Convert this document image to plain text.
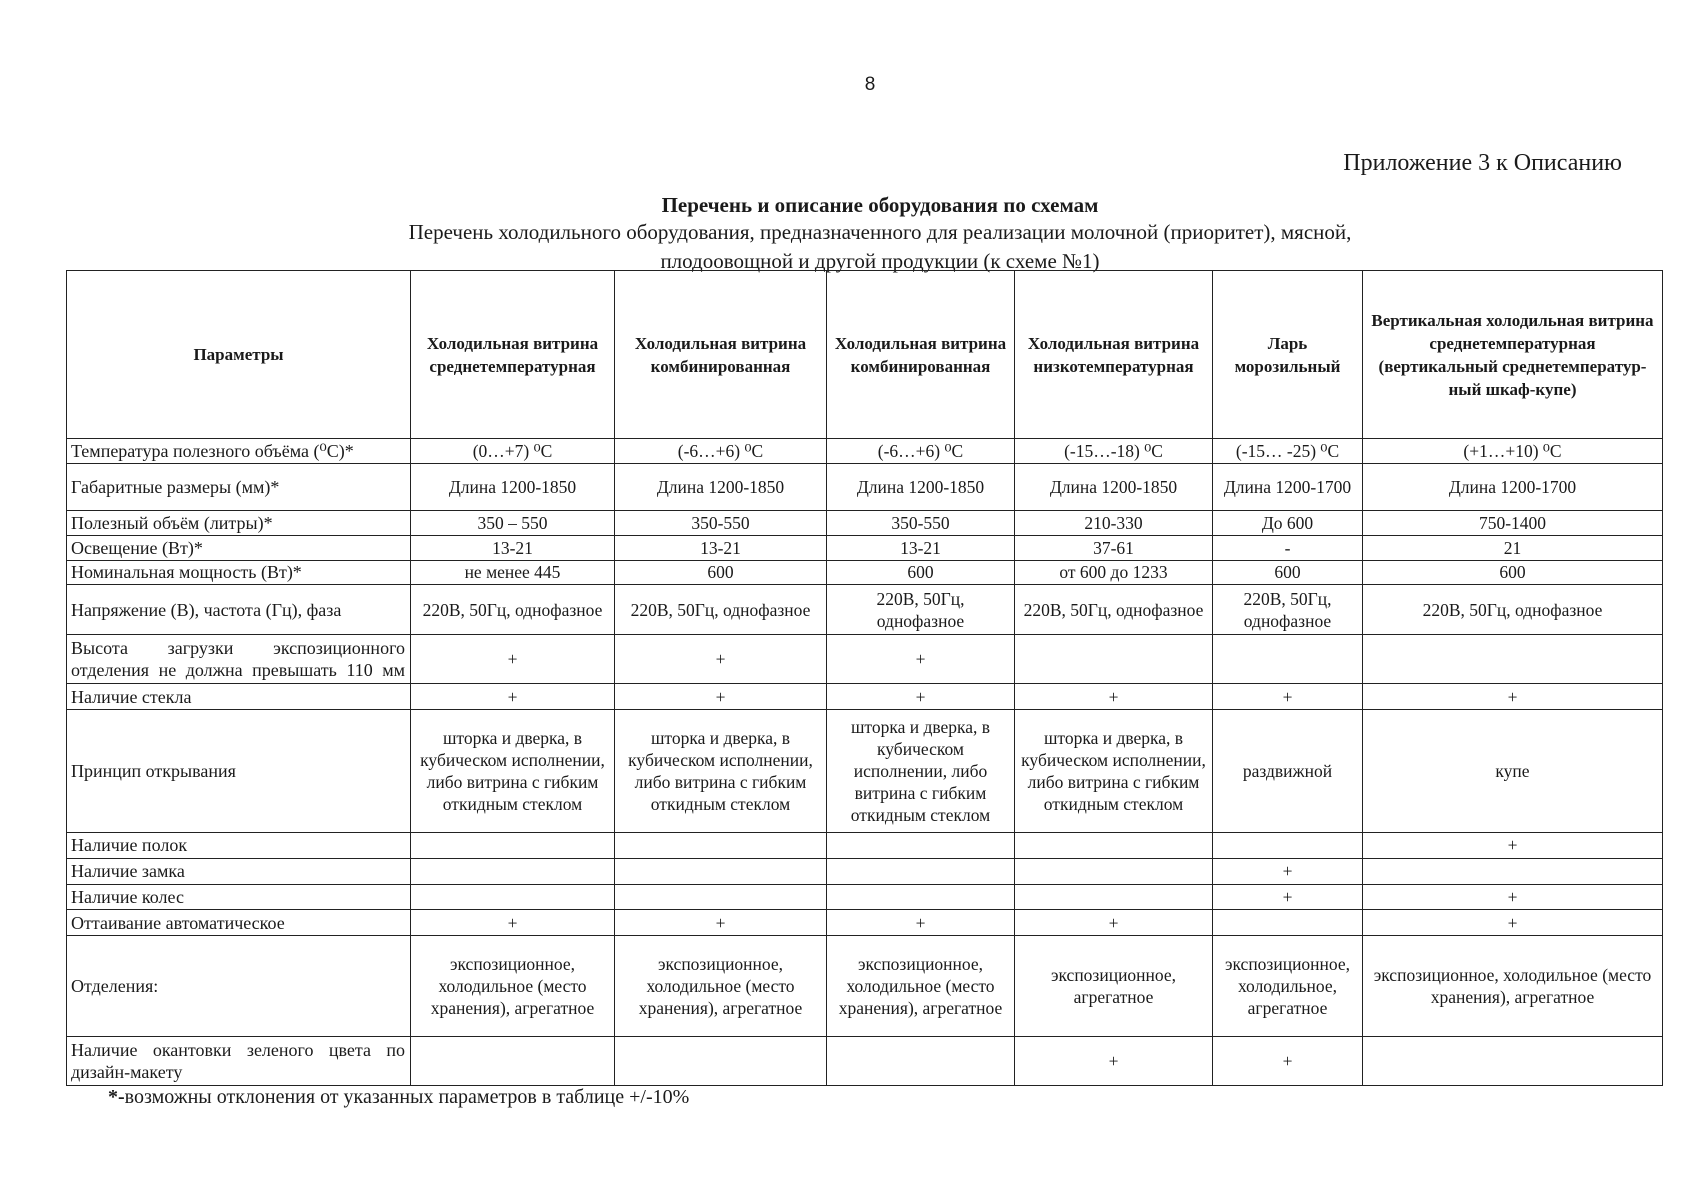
8
Приложение 3 к Описанию
Перечень и описание оборудования по схемам
Перечень холодильного оборудования, предназначенного для реализации молочной (приоритет), мясной,
плодоовощной и другой продукции (к схеме №1)
Параметры	Холодильная витрина среднетемпературная	Холодильная витрина комбинированная	Холодильная витрина комбинированная	Холодильная витрина низкотемпературная	Ларь морозильный	Вертикальная холодильная витрина среднетемпературная (вертикальный среднетемператур-ный шкаф-купе)
Температура полезного объёма (⁰С)*	(0…+7) ⁰С	(-6…+6) ⁰С	(-6…+6) ⁰С	(-15…-18) ⁰С	(-15… -25) ⁰С	(+1…+10) ⁰С
Габаритные размеры (мм)*	Длина 1200-1850	Длина 1200-1850	Длина 1200-1850	Длина 1200-1850	Длина 1200-1700	Длина 1200-1700
Полезный объём (литры)*	350 – 550	350-550	350-550	210-330	До 600	750-1400
Освещение (Вт)*	13-21	13-21	13-21	37-61	-	21
Номинальная мощность (Вт)*	не менее 445	600	600	от 600 до 1233	600	600
Напряжение (В), частота (Гц), фаза	220В, 50Гц, однофазное	220В, 50Гц, однофазное	220В, 50Гц, однофазное	220В, 50Гц, однофазное	220В, 50Гц, однофазное	220В, 50Гц, однофазное
Высота загрузки экспозиционного отделения не должна превышать 110 мм	+	+	+			
Наличие стекла	+	+	+	+	+	+
Принцип открывания	шторка и дверка, в кубическом исполнении, либо витрина с гибким откидным стеклом	шторка и дверка, в кубическом исполнении, либо витрина с гибким откидным стеклом	шторка и дверка, в кубическом исполнении, либо витрина с гибким откидным стеклом	шторка и дверка, в кубическом исполнении, либо витрина с гибким откидным стеклом	раздвижной	купе
Наличие полок						+
Наличие замка					+	
Наличие колес					+	+
Оттаивание автоматическое	+	+	+	+		+
Отделения:	экспозиционное, холодильное (место хранения), агрегатное	экспозиционное, холодильное (место хранения), агрегатное	экспозиционное, холодильное (место хранения), агрегатное	экспозиционное, агрегатное	экспозиционное, холодильное, агрегатное	экспозиционное, холодильное (место хранения), агрегатное
Наличие окантовки зеленого цвета по дизайн-макету				+	+	
*-возможны отклонения от указанных параметров в таблице +/-10%
